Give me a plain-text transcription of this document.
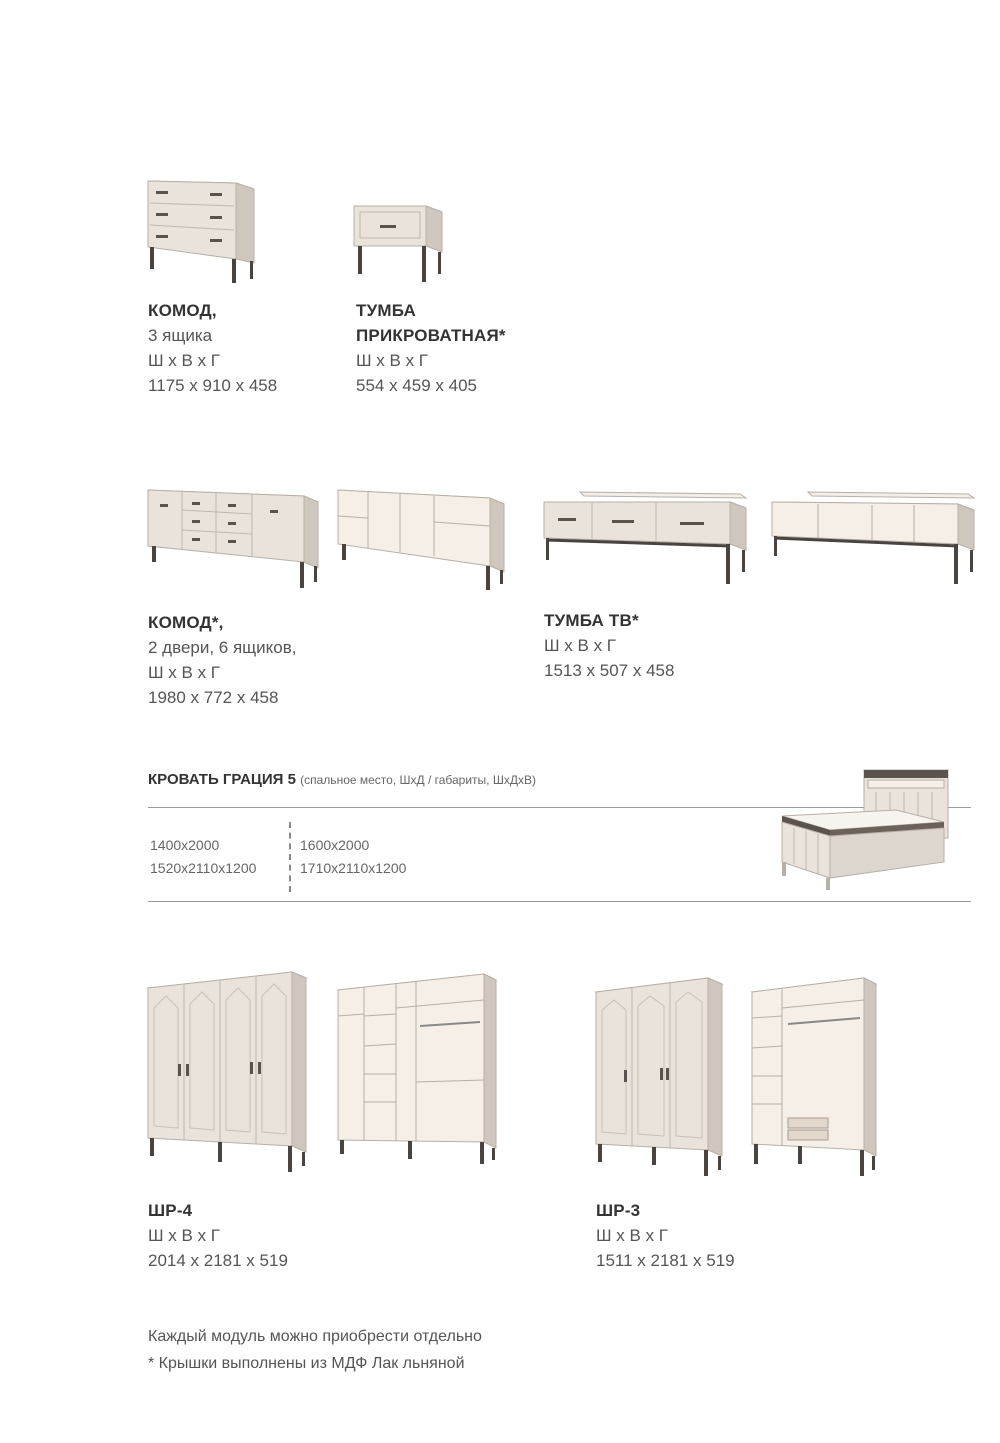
КОМОД,
3 ящика
Ш х В х Г
1175 х 910 х 458
ТУМБА
ПРИКРОВАТНАЯ*
Ш х В х Г
554 х 459 х 405
КОМОД*,
2 двери, 6 ящиков,
Ш х В х Г
1980 х 772 х 458
ТУМБА ТВ*
Ш х В х Г
1513 х 507 х 458
КРОВАТЬ ГРАЦИЯ 5 (спальное место, ШхД / габариты, ШхДхВ)
1400х2000
1520х2110х1200
1600х2000
1710х2110х1200
ШР-4
Ш х В х Г
2014 х 2181 х 519
ШР-3
Ш х В х Г
1511 х 2181 х 519
Каждый модуль можно приобрести отдельно
* Крышки выполнены из МДФ Лак льняной
